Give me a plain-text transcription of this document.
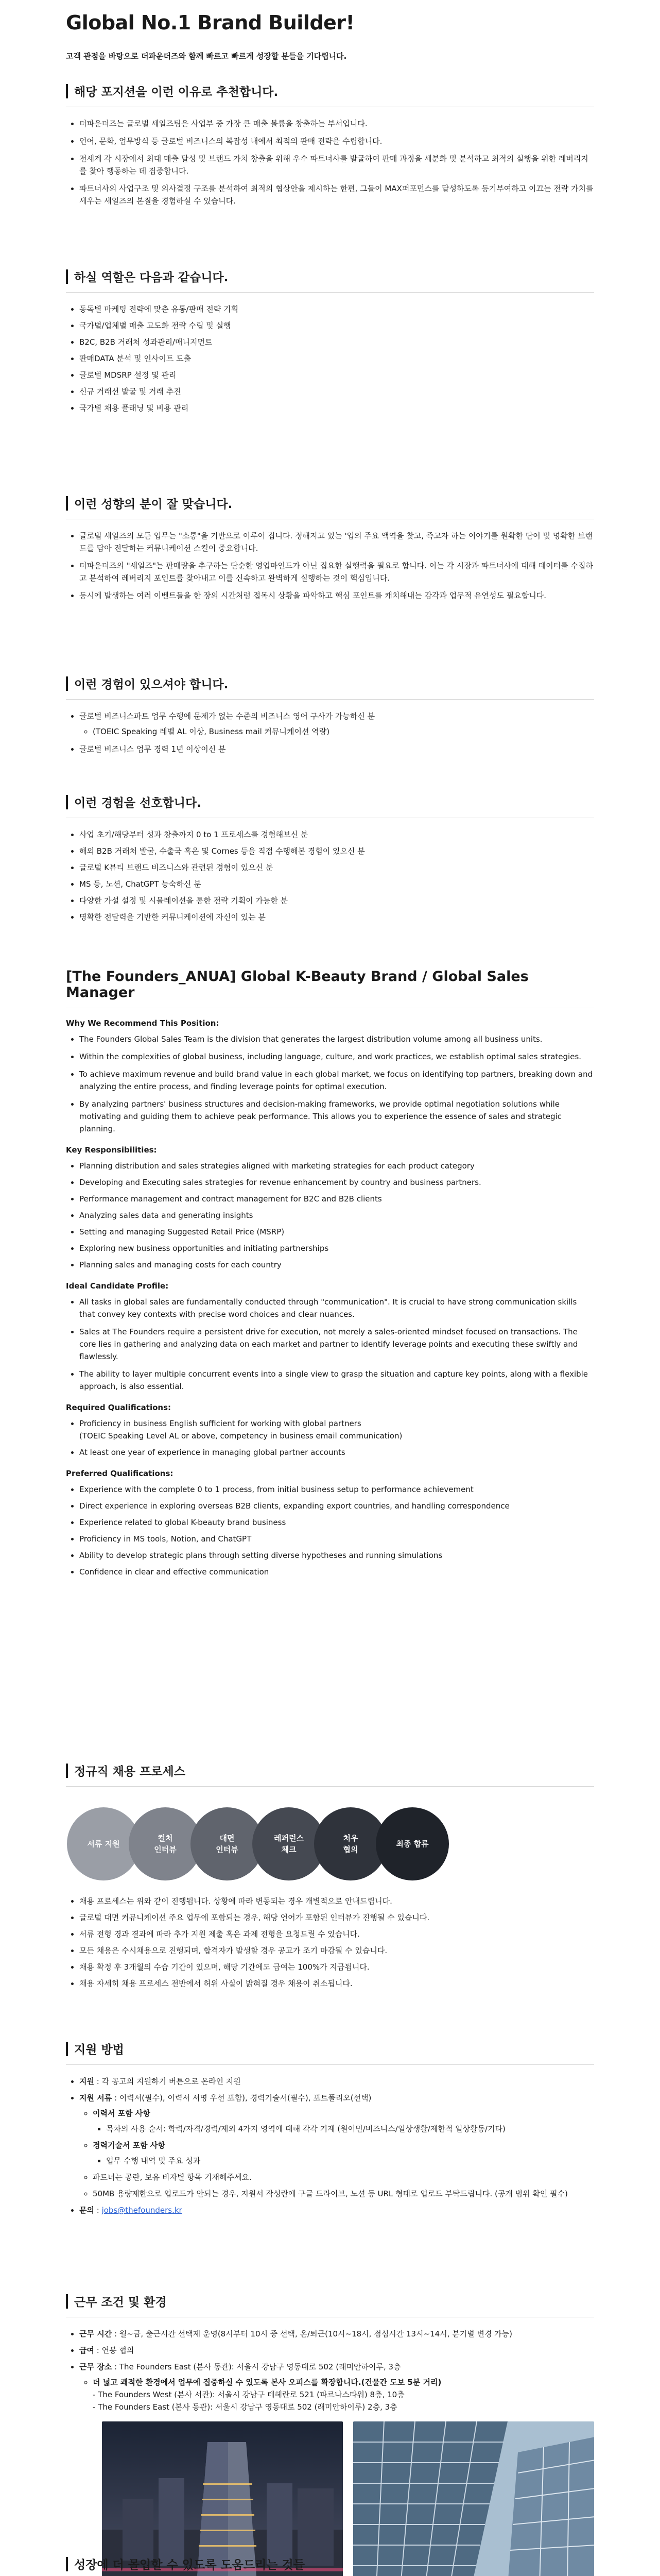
Global No.1 Brand Builder!
고객 관점을 바탕으로 더파운더즈와 함께 빠르고 빠르게 성장할 분들을 기다립니다.
해당 포지션을 이런 이유로 추천합니다.
• 더파운더즈는 글로벌 세일즈팀은 사업부 중 가장 큰 매출 볼륨을 창출하는 부서입니다.
• 언어, 문화, 업무방식 등 글로벌 비즈니스의 복잡성 내에서 최적의 판매 전략을 수립합니다.
• 전세계 각 시장에서 최대 매출 달성 및 브랜드 가치 창출을 위해 우수 파트너사를 발굴하여 판매 과정을 세분화 및 분석하고 최적의 실행을 위한 레버리지를 찾아 행동하는 데 집중합니다.
• 파트너사의 사업구조 및 의사결정 구조를 분석하여 최적의 협상안을 제시하는 한편, 그들이 MAX퍼포먼스를 달성하도록 등기부여하고 이끄는 전략 가치를 세우는 세일즈의 본질을 경험하실 수 있습니다.
하실 역할은 다음과 같습니다.
• 동독별 마케팅 전략에 맞춘 유통/판매 전략 기획
• 국가별/업체별 매출 고도화 전략 수립 및 실행
• B2C, B2B 거래처 성과관리/매니지먼트
• 판매DATA 분석 및 인사이트 도출
• 글로벌 MDSRP 설정 및 관리
• 신규 거래선 발굴 및 거래 추진
• 국가별 채용 플래닝 및 비용 관리
이런 성향의 분이 잘 맞습니다.
• 글로벌 세일즈의 모든 업무는 "소통"을 기반으로 이루어 집니다. 정해지고 있는 '업의 주요 액역을 찾고, 즉고자 하는 이야기를 원확한 단어 및 명확한 브랜드를 담아 전달하는 커뮤니케이션 스킬이 중요합니다.
• 더파운더즈의 "세일즈"는 판매량을 추구하는 단순한 영업마인드가 아닌 집요한 실행력을 필요로 합니다. 이는 각 시장과 파트너사에 대해 데이터를 수집하고 분석하여 레버리지 포인트를 찾아내고 이를 신속하고 완벽하게 실행하는 것이 핵심입니다.
• 동시에 발생하는 여러 이벤트들을 한 장의 시간처럼 접목시 상황을 파악하고 핵심 포인트를 캐치해내는 감각과 업무적 유연성도 필요합니다.
이런 경험이 있으셔야 합니다.
• 글로벌 비즈니스파트 업무 수행에 문제가 없는 수준의 비즈니스 영어 구사가 가능하신 분
◦ (TOEIC Speaking 레벨 AL 이상, Business mail 커뮤니케이션 역량)
• 글로벌 비즈니스 업무 경력 1년 이상이신 분
이런 경험을 선호합니다.
• 사업 초기/해당부터 성과 창출까지 0 to 1 프로세스를 경험해보신 분
• 해외 B2B 거래처 발굴, 수출국 혹은 및 Cornes 등을 직접 수행해본 경험이 있으신 분
• 글로벌 K뷰티 브랜드 비즈니스와 관련된 경험이 있으신 분
• MS 등, 노션, ChatGPT 능숙하신 분
• 다양한 가설 설정 및 시뮬레이션을 통한 전략 기획이 가능한 분
• 명확한 전달력을 기반한 커뮤니케이션에 자신이 있는 분
[The Founders_ANUA] Global K-Beauty Brand / Global Sales Manager
Why We Recommend This Position:
• The Founders Global Sales Team is the division that generates the largest distribution volume among all business units.
• Within the complexities of global business, including language, culture, and work practices, we establish optimal sales strategies.
• To achieve maximum revenue and build brand value in each global market, we focus on identifying top partners, breaking down and analyzing the entire process, and finding leverage points for optimal execution.
• By analyzing partners' business structures and decision-making frameworks, we provide optimal negotiation solutions while motivating and guiding them to achieve peak performance. This allows you to experience the essence of sales and strategic planning.
Key Responsibilities:
• Planning distribution and sales strategies aligned with marketing strategies for each product category
• Developing and Executing sales strategies for revenue enhancement by country and business partners.
• Performance management and contract management for B2C and B2B clients
• Analyzing sales data and generating insights
• Setting and managing Suggested Retail Price (MSRP)
• Exploring new business opportunities and initiating partnerships
• Planning sales and managing costs for each country
Ideal Candidate Profile:
• All tasks in global sales are fundamentally conducted through "communication". It is crucial to have strong communication skills that convey key contexts with precise word choices and clear nuances.
• Sales at The Founders require a persistent drive for execution, not merely a sales-oriented mindset focused on transactions. The core lies in gathering and analyzing data on each market and partner to identify leverage points and executing these swiftly and flawlessly.
• The ability to layer multiple concurrent events into a single view to grasp the situation and capture key points, along with a flexible approach, is also essential.
Required Qualifications:
• Proficiency in business English sufficient for working with global partners
(TOEIC Speaking Level AL or above, competency in business email communication)
• At least one year of experience in managing global partner accounts
Preferred Qualifications:
• Experience with the complete 0 to 1 process, from initial business setup to performance achievement
• Direct experience in exploring overseas B2B clients, expanding export countries, and handling correspondence
• Experience related to global K-beauty brand business
• Proficiency in MS tools, Notion, and ChatGPT
• Ability to develop strategic plans through setting diverse hypotheses and running simulations
• Confidence in clear and effective communication
정규직 채용 프로세스
서류 지원
컬처
인터뷰
대면
인터뷰
레퍼런스
체크
처우
협의
최종 합류
• 채용 프로세스는 위와 같이 진행됩니다. 상황에 따라 변동되는 경우 개별적으로 안내드립니다.
• 글로벌 대면 커뮤니케이션 주요 업무에 포함되는 경우, 해당 언어가 포함된 인터뷰가 진행될 수 있습니다.
• 서류 전형 경과 결과에 따라 추가 지원 제출 혹은 과제 전형을 요청드릴 수 있습니다.
• 모든 채용은 수시채용으로 진행되며, 합격자가 발생할 경우 공고가 조기 마감될 수 있습니다.
• 채용 확정 후 3개월의 수습 기간이 있으며, 해당 기간에도 급여는 100%가 지급됩니다.
• 채용 자세히 채용 프로세스 전반에서 허위 사실이 밝혀질 경우 채용이 취소됩니다.
지원 방법
• 지원 : 각 공고의 지원하기 버튼으로 온라인 지원
• 지원 서류 : 이력서(필수), 이력서 서명 우선 포함), 경력기술서(필수), 포트폴리오(선택)
◦ 이력서 포함 사항
▪ 목차의 사용 순서: 학력/자격/경력/제외 4가지 영역에 대해 각각 기재 (원어민/비즈니스/일상생활/제한적 일상활동/기타)
◦ 경력기술서 포함 사항
▪ 업무 수행 내역 및 주요 성과
◦ 파트너는 공란, 보유 비자별 항목 기재해주세요.
◦ 50MB 용량제한으로 업로드가 안되는 경우, 지원서 작성란에 구글 드라이브, 노션 등 URL 형태로 업로드 부탁드립니다. (공개 범위 확인 필수)
• 문의 : jobs@thefounders.kr
근무 조건 및 환경
• 근무 시간 : 월~금, 출근시간 선택제 운영(8시부터 10시 중 선택, 온/퇴근(10시~18시, 점심시간 13시~14시, 분기별 변경 가능)
• 급여 : 연봉 협의
• 근무 장소 : The Founders East (본사 동관): 서울시 강남구 영동대로 502 (래미안하이루, 3층
◦ 더 넓고 쾌적한 환경에서 업무에 집중하실 수 있도록 본사 오피스를 확장합니다.(건물간 도보 5분 거리)
- The Founders West (본사 서관): 서울시 강남구 테헤란로 521 (파르나스타워) 8층, 10층
- The Founders East (본사 동관): 서울시 강남구 영동대로 502 (래미안하이루) 2층, 3층
성장에 더 몰입할 수 있도록 도움드리는 것들
